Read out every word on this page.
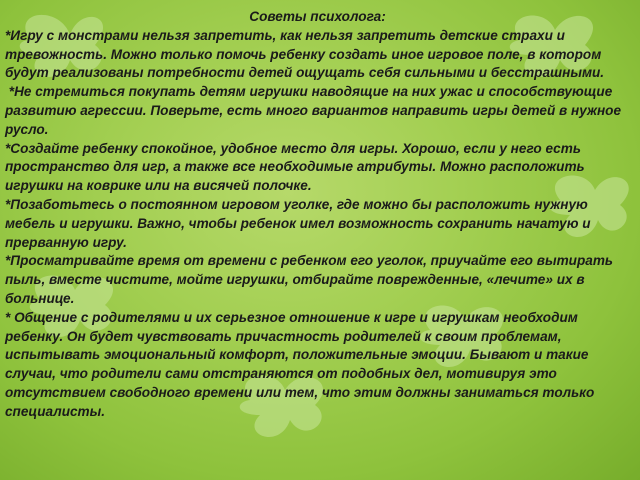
Советы психолога:

*Игру с монстрами нельзя запретить, как нельзя запретить детские страхи и тревожность. Можно только помочь ребенку создать иное игровое поле, в котором будут реализованы потребности детей ощущать себя сильными и бесстрашными.

*Не стремиться покупать детям игрушки наводящие на них ужас и способствующие развитию агрессии. Поверьте, есть много вариантов направить игры детей в нужное русло.

*Создайте ребенку спокойное, удобное место для игры. Хорошо, если у него есть пространство для игр, а также все необходимые атрибуты. Можно расположить игрушки на коврике или на висячей полочке.

*Позаботьтесь о постоянном игровом уголке, где можно бы расположить нужную мебель и игрушки. Важно, чтобы ребенок имел возможность сохранить начатую и прерванную игру.

*Просматривайте время от времени с ребенком его уголок, приучайте его вытирать пыль, вместе чистите, мойте игрушки, отбирайте поврежденные, «лечите» их в больнице.

* Общение с родителями и их серьезное отношение к игре и игрушкам необходим ребенку. Он будет чувствовать причастность родителей к своим проблемам, испытывать эмоциональный комфорт, положительные эмоции. Бывают и такие случаи, что родители сами отстраняются от подобных дел, мотивируя это отсутствием свободного времени или тем, что этим должны заниматься только специалисты.
